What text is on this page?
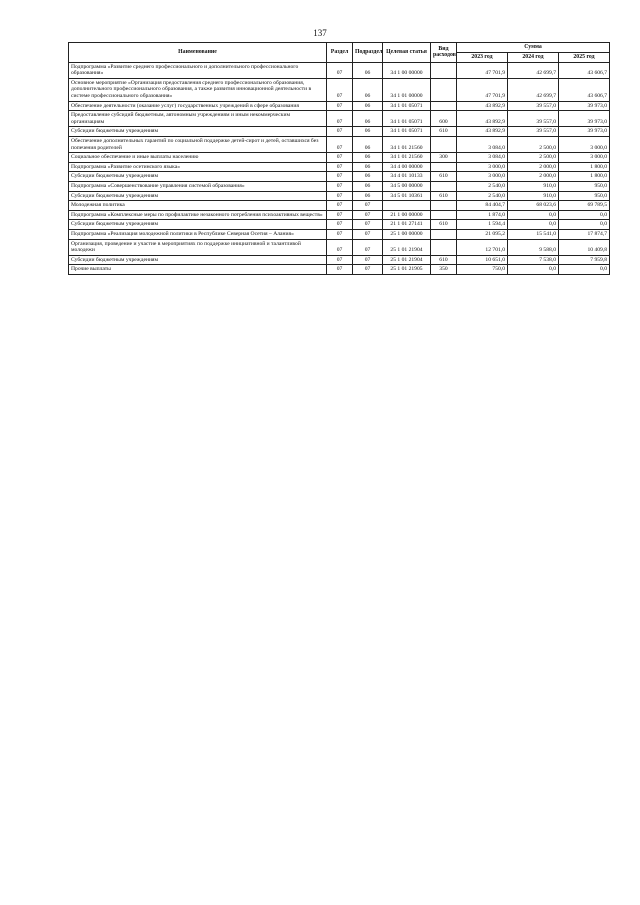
137
Наименование	Раздел	Подраздел	Целевая статья	Вид расходов	Сумма		
					2023 год	2024 год	2025 год
Подпрограмма «Развитие среднего профессионального и дополнительного профессионального образования»	07	06	34 1 00 00000		47 701,9	42 699,7	43 606,7
Основное мероприятие «Организация предоставления среднего профессионального образования, дополнительного профессионального образования, а также развития инновационной деятельности в системе профессионального образования»	07	06	34 1 01 00000		47 701,9	42 699,7	43 606,7
Обеспечение деятельности (оказание услуг) государственных учреждений в сфере образования	07	06	34 1 01 05071		43 892,9	39 557,0	39 973,0
Предоставление субсидий бюджетным, автономным учреждениям и иным некоммерческим организациям	07	06	34 1 01 05071	600	43 892,9	39 557,0	39 973,0
Субсидии бюджетным учреждениям	07	06	34 1 01 05071	610	43 892,9	39 557,0	39 973,0
Обеспечение дополнительных гарантий по социальной поддержке детей-сирот и детей, оставшихся без попечения родителей	07	06	34 1 01 21560		3 084,0	2 500,0	3 000,0
Социальное обеспечение и иные выплаты населению	07	06	34 1 01 21560	300	3 084,0	2 500,0	3 000,0
Подпрограмма «Развитие осетинского языка»	07	06	34 4 00 00000		3 000,0	2 000,0	1 800,0
Субсидии бюджетным учреждениям	07	06	34 4 01 10133	610	3 000,0	2 000,0	1 800,0
Подпрограмма «Совершенствование управления системой образования»	07	06	34 5 00 00000		2 540,0	910,0	950,0
Субсидии бюджетным учреждениям	07	06	34 5 01 10361	610	2 540,0	910,0	950,0
Молодежная политика	07	07			84 404,7	68 023,6	69 789,5
Подпрограмма «Комплексные меры по профилактике незаконного потребления психоактивных веществ»	07	07	21 1 00 00000		1 874,0	0,0	0,0
Субсидии бюджетным учреждениям	07	07	21 1 01 27141	610	1 594,4	0,0	0,0
Подпрограмма «Реализация молодежной политики в Республике Северная Осетия – Алания»	07	07	25 1 00 00000		21 095,2	15 541,0	17 874,7
Организация, проведение и участие в мероприятиях по поддержке инициативной и талантливой молодежи	07	07	25 1 01 21904		12 701,0	9 588,0	10 409,8
Субсидии бюджетным учреждениям	07	07	25 1 01 21904	610	10 651,0	7 538,0	7 959,8
Прочие выплаты	07	07	25 1 01 21905	350	750,0	0,0	0,0
